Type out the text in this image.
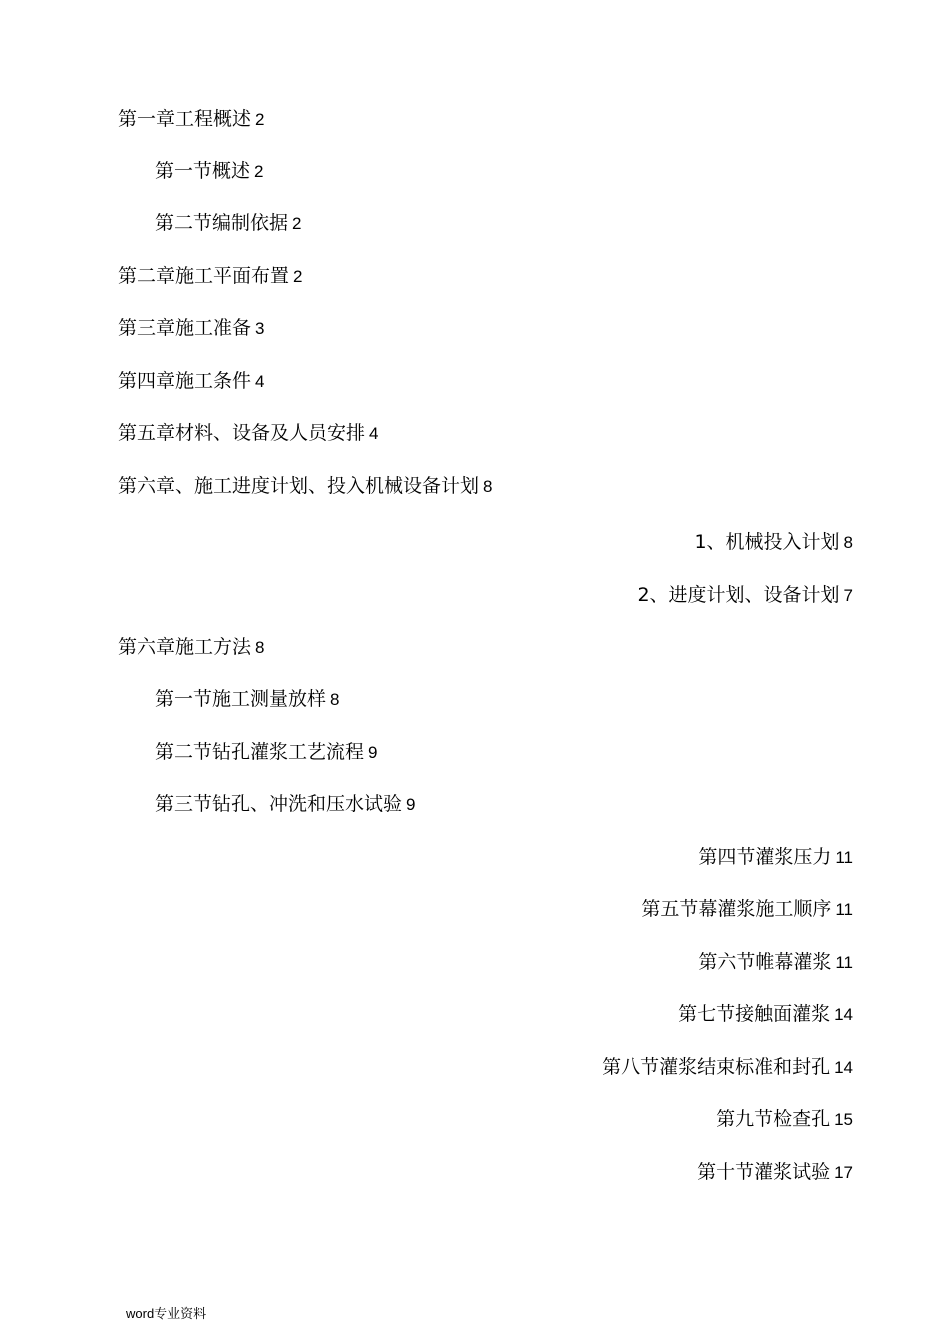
第一章工程概述 2
第一节概述 2
第二节编制依据 2
第二章施工平面布置 2
第三章施工准备 3
第四章施工条件 4
第五章材料、设备及人员安排 4
第六章、施工进度计划、投入机械设备计划 8
1、机械投入计划 8
2、进度计划、设备计划 7
第六章施工方法 8
第一节施工测量放样 8
第二节钻孔灌浆工艺流程 9
第三节钻孔、冲洗和压水试验 9
第四节灌浆压力 11
第五节幕灌浆施工顺序 11
第六节帷幕灌浆 11
第七节接触面灌浆 14
第八节灌浆结束标准和封孔 14
第九节检查孔 15
第十节灌浆试验 17
word专业资料
